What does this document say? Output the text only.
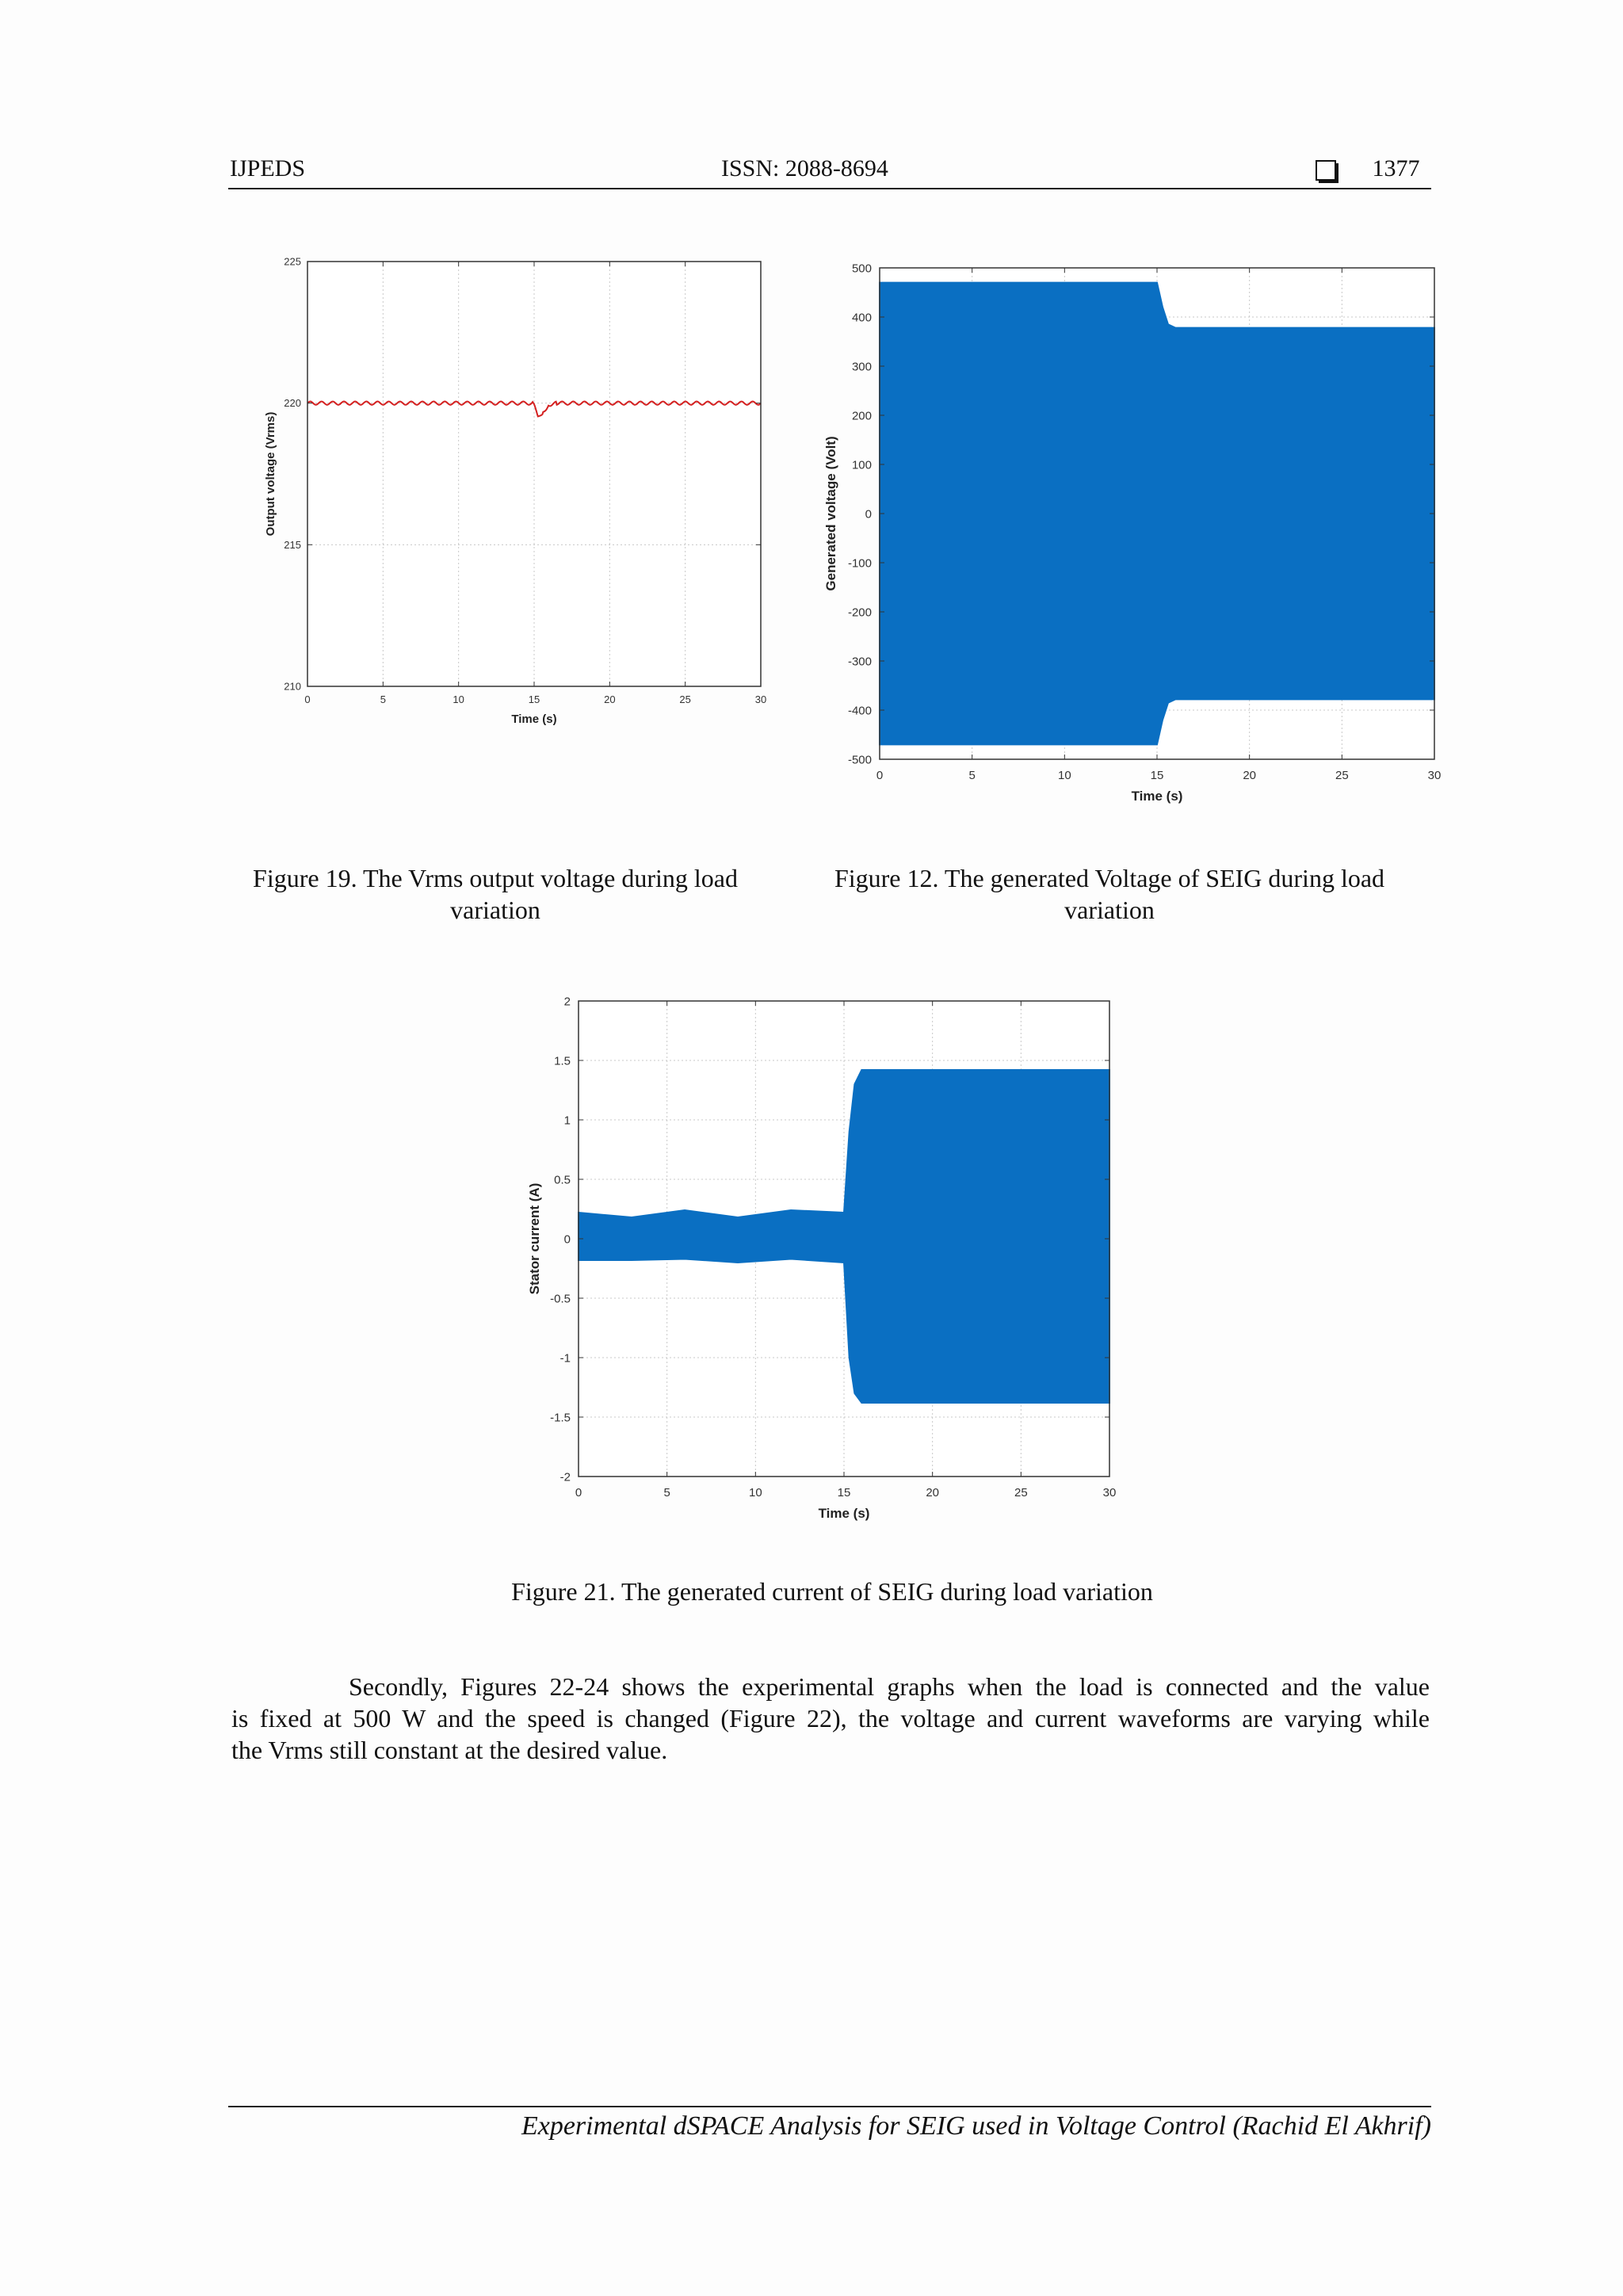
IJPEDS	ISSN: 2088-8694	1377
0	5	10	15	20	25	30
210
215
220
225
Time (s)
Output voltage (Vrms)
0	5	10	15	20	25	30
-500
-400
-300
-200
-100
0
100
200
300
400
500
Time (s)
Generated voltage (Volt)
Figure 19. The Vrms output voltage during load
variation
Figure 12. The generated Voltage of SEIG during load
variation
0	5	10	15	20	25	30
-2
-1.5
-1
-0.5
0
0.5
1
1.5
2
Time (s)
Stator current (A)
Figure 21. The generated current of SEIG during load variation
Secondly, Figures 22-24 shows the experimental graphs when the load is connected and the value
is fixed at 500 W and the speed is changed (Figure 22), the voltage and current waveforms are varying while
the Vrms still constant at the desired value.
Experimental dSPACE Analysis for SEIG used in Voltage Control (Rachid El Akhrif)
